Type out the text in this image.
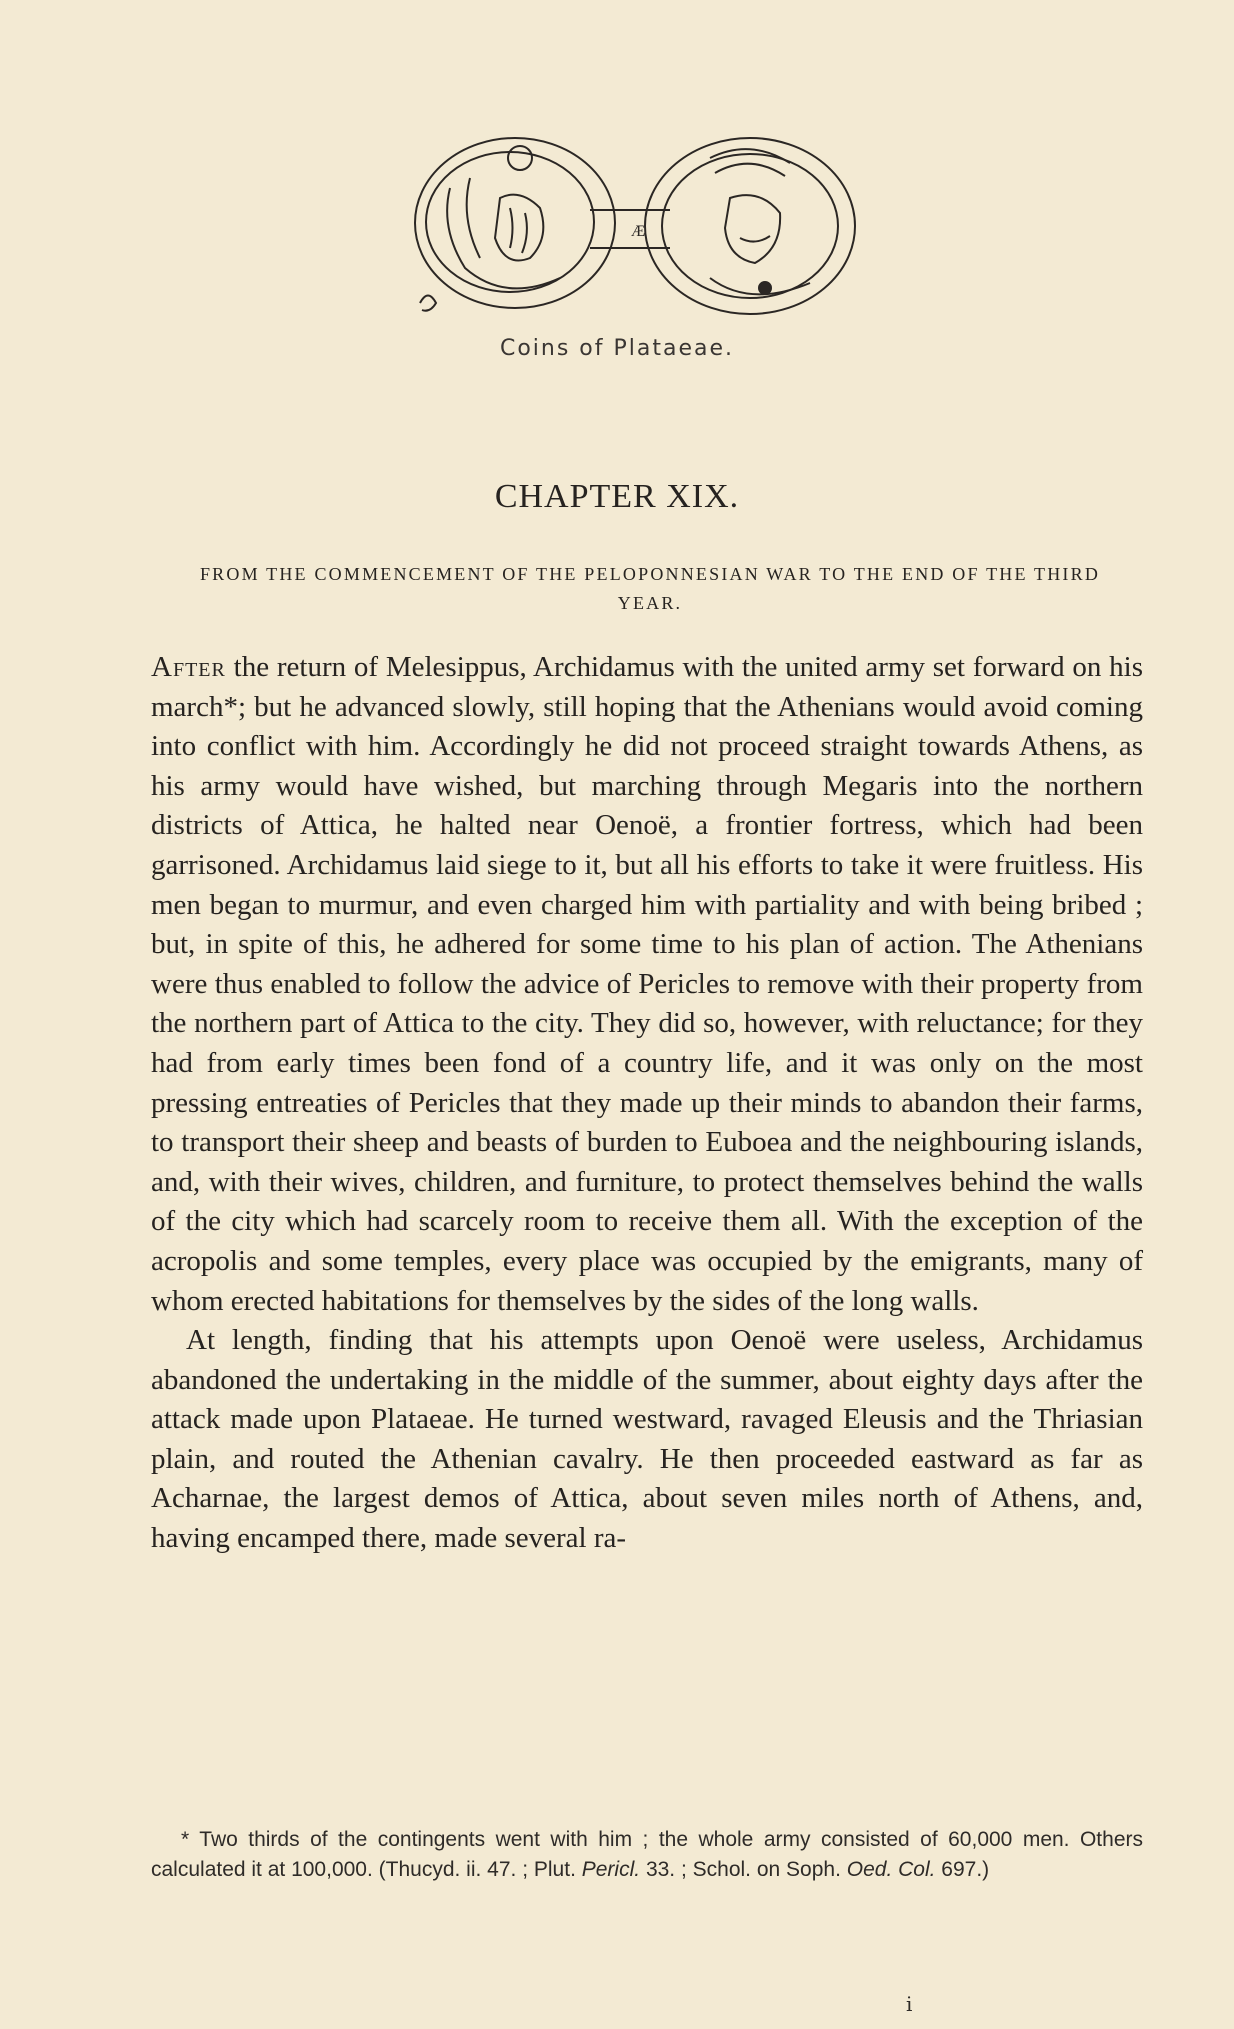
Æ
Coins of Plataeae.
CHAPTER XIX.
FROM THE COMMENCEMENT OF THE PELOPONNESIAN WAR TO THE END OF THE THIRD YEAR.

After the return of Melesippus, Archidamus with the united army set forward on his march*; but he advanced slowly, still hoping that the Athenians would avoid coming into conflict with him. Accordingly he did not proceed straight towards Athens, as his army would have wished, but marching through Megaris into the northern districts of Attica, he halted near Oenoë, a frontier fortress, which had been garrisoned. Archidamus laid siege to it, but all his efforts to take it were fruitless. His men began to murmur, and even charged him with partiality and with being bribed ; but, in spite of this, he adhered for some time to his plan of action. The Athenians were thus enabled to follow the advice of Pericles to remove with their property from the northern part of Attica to the city. They did so, however, with reluctance; for they had from early times been fond of a country life, and it was only on the most pressing entreaties of Pericles that they made up their minds to abandon their farms, to transport their sheep and beasts of burden to Euboea and the neighbouring islands, and, with their wives, children, and furniture, to protect themselves behind the walls of the city which had scarcely room to receive them all. With the exception of the acropolis and some temples, every place was occupied by the emigrants, many of whom erected habitations for themselves by the sides of the long walls.

At length, finding that his attempts upon Oenoë were useless, Archidamus abandoned the undertaking in the middle of the summer, about eighty days after the attack made upon Plataeae. He turned westward, ravaged Eleusis and the Thriasian plain, and routed the Athenian cavalry. He then proceeded eastward as far as Acharnae, the largest demos of Attica, about seven miles north of Athens, and, having encamped there, made several ra-

* Two thirds of the contingents went with him ; the whole army consisted of 60,000 men. Others calculated it at 100,000. (Thucyd. ii. 47. ; Plut. Pericl. 33. ; Schol. on Soph. Oed. Col. 697.)

ⅰ
